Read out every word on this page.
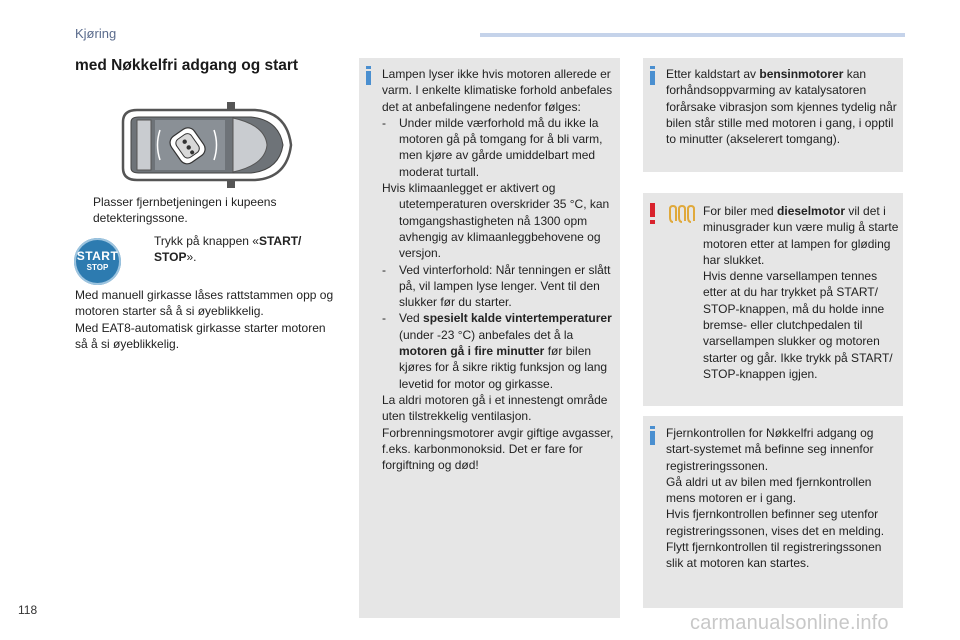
Kjøring
med Nøkkelfri adgang og start
Plasser fjernbetjeningen i kupeens detekteringssone.
START
STOP
Trykk på knappen «START/ STOP».

Med manuell girkasse låses rattstammen opp og motoren starter så å si øyeblikkelig.

Med EAT8-automatisk girkasse starter motoren så å si øyeblikkelig.

Lampen lyser ikke hvis motoren allerede er varm. I enkelte klimatiske forhold anbefales det at anbefalingene nedenfor følges:

- Under milde værforhold må du ikke la motoren gå på tomgang for å bli varm, men kjøre av gårde umiddelbart med moderat turtall.

Hvis klimaanlegget er aktivert og

utetemperaturen overskrider 35 °C, kan tomgangshastigheten nå 1300 opm avhengig av klimaanleggbehovene og versjon.

- Ved vinterforhold: Når tenningen er slått på, vil lampen lyse lenger. Vent til den slukker før du starter.

- Ved spesielt kalde vintertemperaturer (under -23 °C) anbefales det å la motoren gå i fire minutter før bilen kjøres for å sikre riktig funksjon og lang levetid for motor og girkasse.

La aldri motoren gå i et innestengt område uten tilstrekkelig ventilasjon. Forbrenningsmotorer avgir giftige avgasser, f.eks. karbonmonoksid. Det er fare for forgiftning og død!

Etter kaldstart av bensinmotorer kan forhåndsoppvarming av katalysatoren forårsake vibrasjon som kjennes tydelig når bilen står stille med motoren i gang, i opptil to minutter (akselerert tomgang).

For biler med dieselmotor vil det i minusgrader kun være mulig å starte motoren etter at lampen for gløding har slukket.

Hvis denne varsellampen tennes etter at du har trykket på START/ STOP-knappen, må du holde inne bremse- eller clutchpedalen til varsellampen slukker og motoren starter og går. Ikke trykk på START/ STOP-knappen igjen.

Fjernkontrollen for Nøkkelfri adgang og start-systemet må befinne seg innenfor registreringssonen.

Gå aldri ut av bilen med fjernkontrollen mens motoren er i gang.

Hvis fjernkontrollen befinner seg utenfor registreringssonen, vises det en melding.

Flytt fjernkontrollen til registreringssonen slik at motoren kan startes.

118
carmanualsonline.info
